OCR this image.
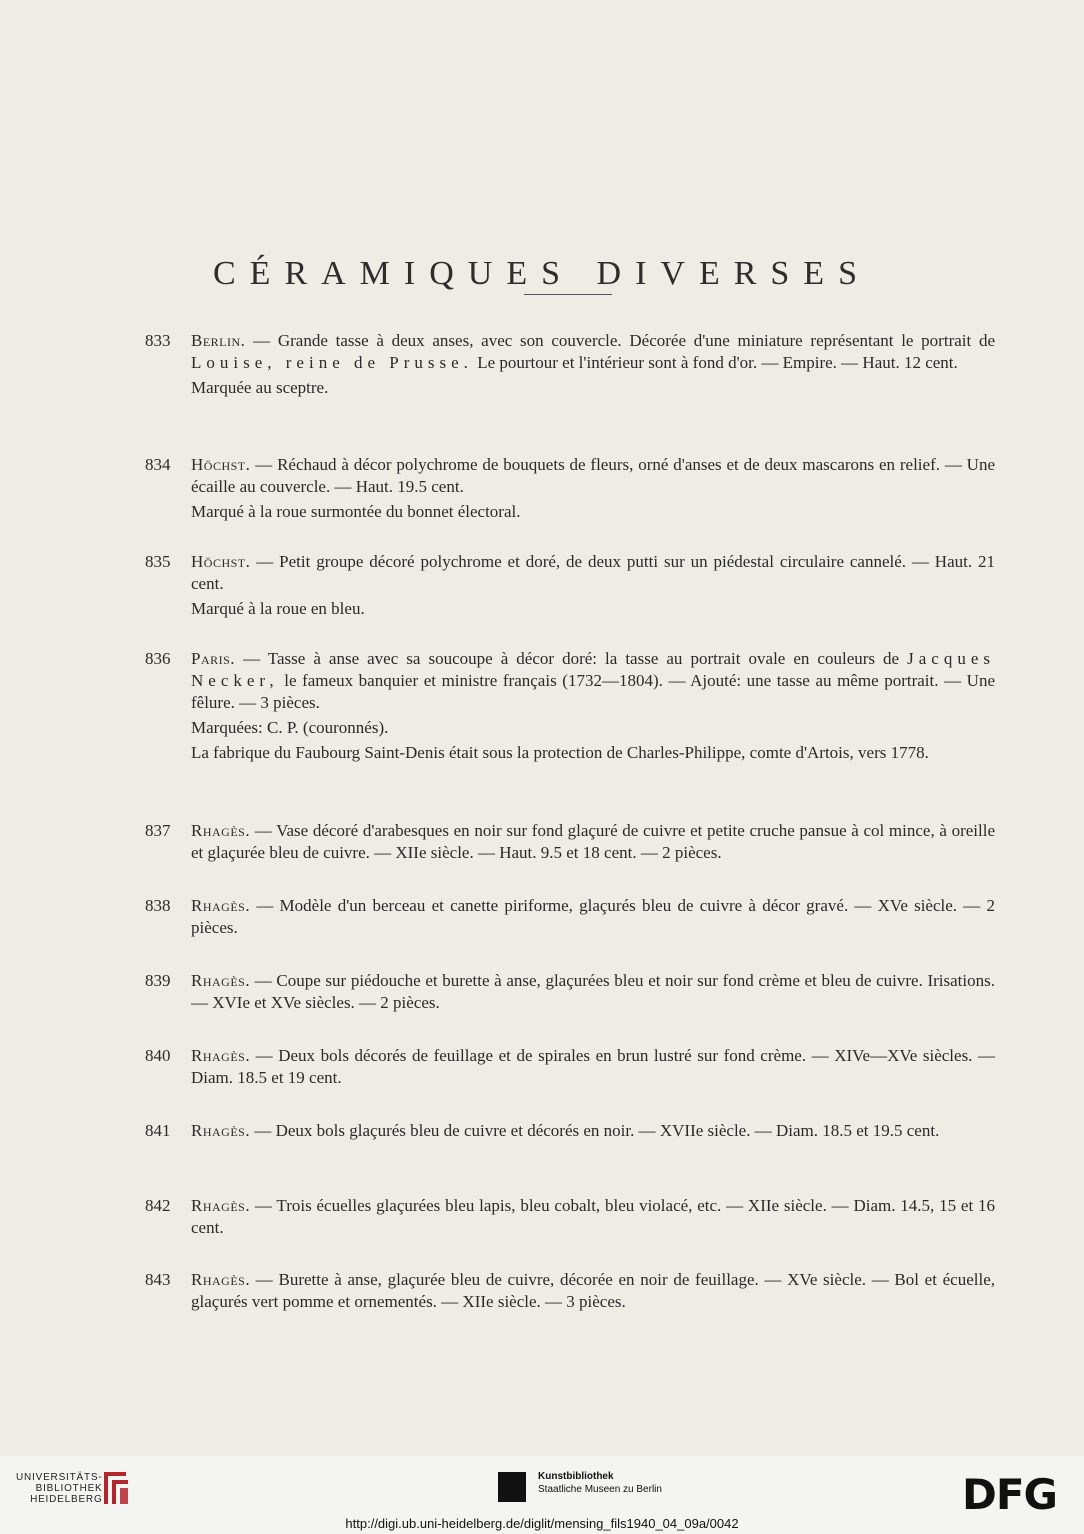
CÉRAMIQUES DIVERSES
833	Berlin. — Grande tasse à deux anses, avec son couvercle. Décorée d'une miniature représentant le portrait de Louise, reine de Prusse. Le pourtour et l'intérieur sont à fond d'or. — Empire. — Haut. 12 cent.

Marquée au sceptre.

834	Höchst. — Réchaud à décor polychrome de bouquets de fleurs, orné d'anses et de deux mascarons en relief. — Une écaille au couvercle. — Haut. 19.5 cent.

Marqué à la roue surmontée du bonnet électoral.

835	Höchst. — Petit groupe décoré polychrome et doré, de deux putti sur un piédestal circulaire cannelé. — Haut. 21 cent.

Marqué à la roue en bleu.

836	Paris. — Tasse à anse avec sa soucoupe à décor doré: la tasse au portrait ovale en couleurs de Jacques Necker, le fameux banquier et ministre français (1732—1804). — Ajouté: une tasse au même portrait. — Une fêlure. — 3 pièces.

Marquées: C. P. (couronnés).

La fabrique du Faubourg Saint-Denis était sous la protection de Charles-Philippe, comte d'Artois, vers 1778.

837	Rhagès. — Vase décoré d'arabesques en noir sur fond glaçuré de cuivre et petite cruche pansue à col mince, à oreille et glaçurée bleu de cuivre. — XIIe siècle. — Haut. 9.5 et 18 cent. — 2 pièces.

838	Rhagès. — Modèle d'un berceau et canette piriforme, glaçurés bleu de cuivre à décor gravé. — XVe siècle. — 2 pièces.

839	Rhagès. — Coupe sur piédouche et burette à anse, glaçurées bleu et noir sur fond crème et bleu de cuivre. Irisations. — XVIe et XVe siècles. — 2 pièces.

840	Rhagès. — Deux bols décorés de feuillage et de spirales en brun lustré sur fond crème. — XIVe—XVe siècles. — Diam. 18.5 et 19 cent.

841	Rhagès. — Deux bols glaçurés bleu de cuivre et décorés en noir. — XVIIe siècle. — Diam. 18.5 et 19.5 cent.

842	Rhagès. — Trois écuelles glaçurées bleu lapis, bleu cobalt, bleu violacé, etc. — XIIe siècle. — Diam. 14.5, 15 et 16 cent.

843	Rhagès. — Burette à anse, glaçurée bleu de cuivre, décorée en noir de feuillage. — XVe siècle. — Bol et écuelle, glaçurés vert pomme et ornementés. — XIIe siècle. — 3 pièces.

UNIVERSITÄTS-
BIBLIOTHEK
HEIDELBERG
Kunstbibliothek
Staatliche Museen zu Berlin	DFG
http://digi.ub.uni-heidelberg.de/diglit/mensing_fils1940_04_09a/0042
